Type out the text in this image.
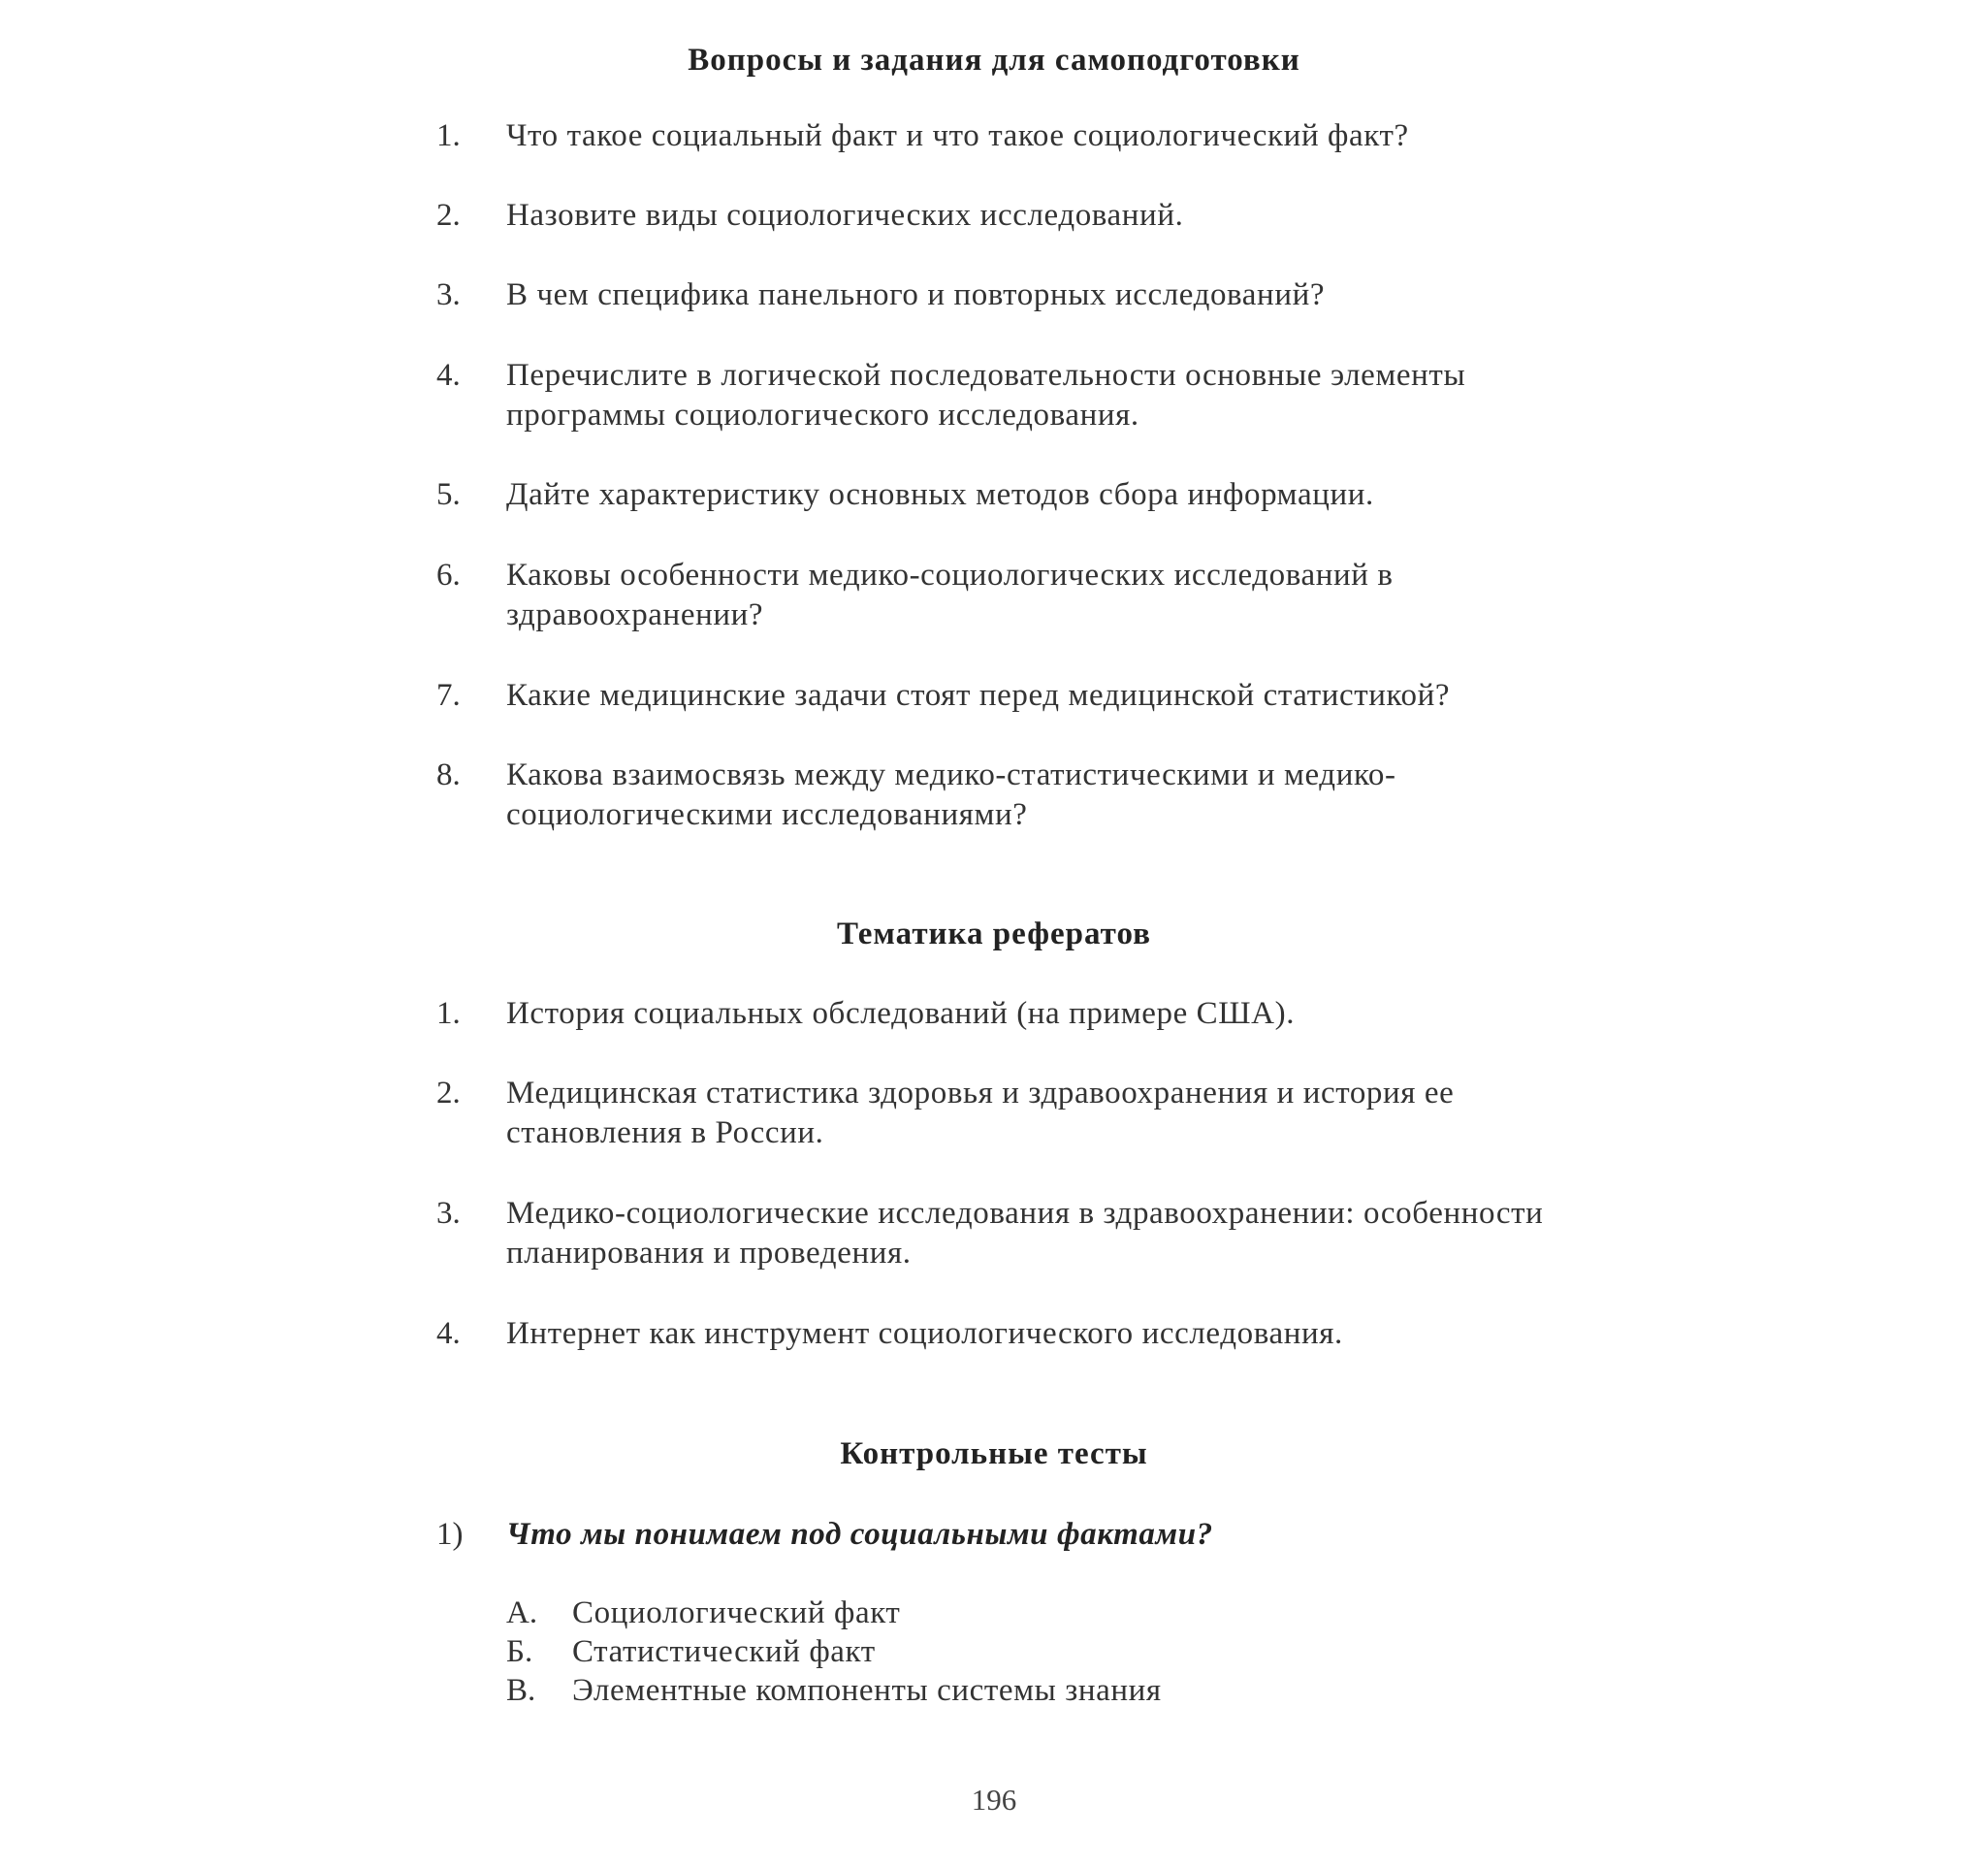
Вопросы и задания для самоподготовки
1.	Что такое социальный факт и что такое социологический факт?
2.	Назовите виды социологических исследований.
3.	В чем специфика панельного и повторных исследований?
4.	Перечислите в логической последовательности основные элементы программы социологического исследования.
5.	Дайте характеристику основных методов сбора информации.
6.	Каковы особенности медико-социологических исследований в здравоохранении?
7.	Какие медицинские задачи стоят перед медицинской статистикой?
8.	Какова взаимосвязь между медико-статистическими и медико-социологическими исследованиями?
Тематика рефератов
1.	История социальных обследований (на примере США).
2.	Медицинская статистика здоровья и здравоохранения и история ее становления в России.
3.	Медико-социологические исследования в здравоохранении: особенности планирования и проведения.
4.	Интернет как инструмент социологического исследования.
Контрольные тесты
1)	Что мы понимаем под социальными фактами?
А.	Социологический факт
Б.	Статистический факт
В.	Элементные компоненты системы знания
196
